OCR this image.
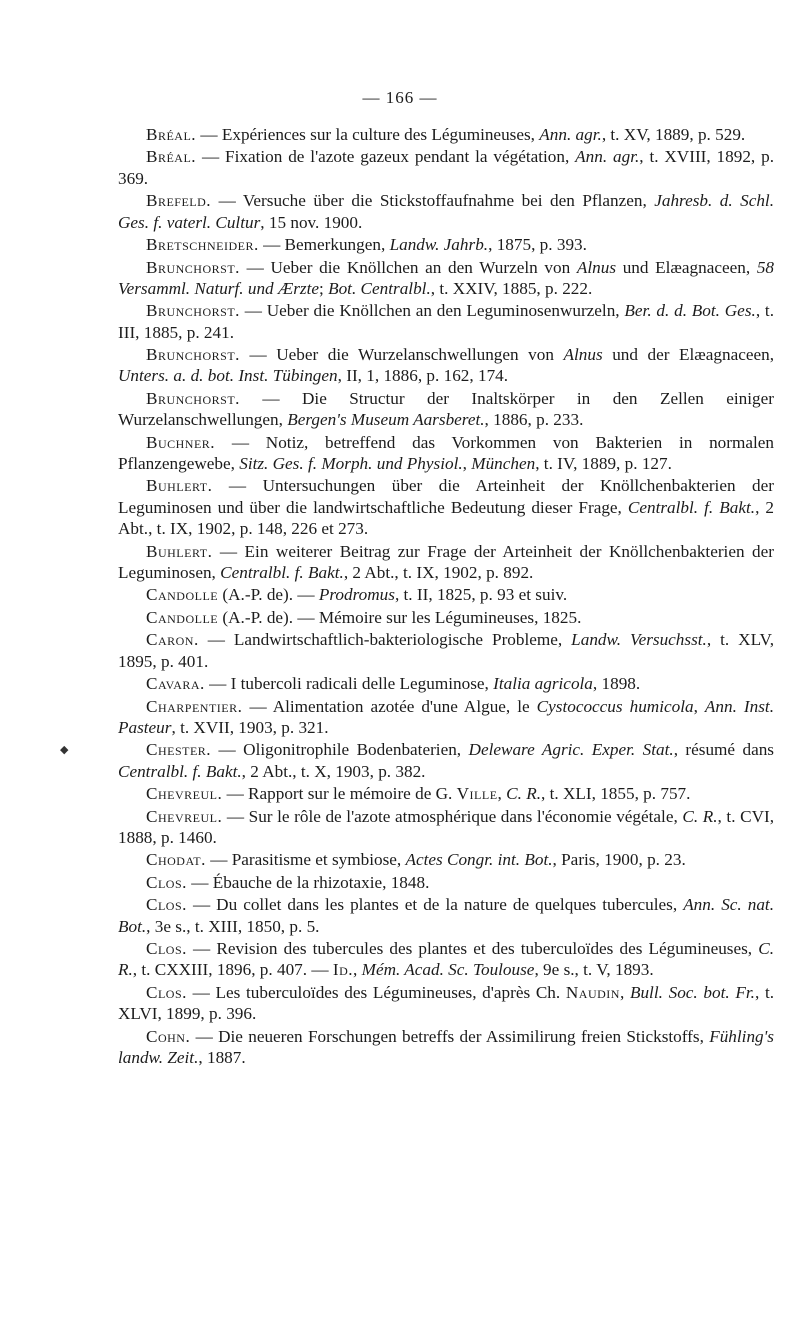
— 166 —
◆

Bréal. — Expériences sur la culture des Légumineuses, Ann. agr., t. XV, 1889, p. 529.

Bréal. — Fixation de l'azote gazeux pendant la végétation, Ann. agr., t. XVIII, 1892, p. 369.

Brefeld. — Versuche über die Stickstoffaufnahme bei den Pflanzen, Jahresb. d. Schl. Ges. f. vaterl. Cultur, 15 nov. 1900.

Bretschneider. — Bemerkungen, Landw. Jahrb., 1875, p. 393.

Brunchorst. — Ueber die Knöllchen an den Wurzeln von Alnus und Elæagnaceen, 58 Versamml. Naturf. und Ærzte; Bot. Centralbl., t. XXIV, 1885, p. 222.

Brunchorst. — Ueber die Knöllchen an den Leguminosenwurzeln, Ber. d. d. Bot. Ges., t. III, 1885, p. 241.

Brunchorst. — Ueber die Wurzelanschwellungen von Alnus und der Elæagnaceen, Unters. a. d. bot. Inst. Tübingen, II, 1, 1886, p. 162, 174.

Brunchorst. — Die Structur der Inaltskörper in den Zellen einiger Wurzelanschwellungen, Bergen's Museum Aarsberet., 1886, p. 233.

Buchner. — Notiz, betreffend das Vorkommen von Bakterien in normalen Pflanzengewebe, Sitz. Ges. f. Morph. und Physiol., München, t. IV, 1889, p. 127.

Buhlert. — Untersuchungen über die Arteinheit der Knöllchenbakterien der Leguminosen und über die landwirtschaftliche Bedeutung dieser Frage, Centralbl. f. Bakt., 2 Abt., t. IX, 1902, p. 148, 226 et 273.

Buhlert. — Ein weiterer Beitrag zur Frage der Arteinheit der Knöllchenbakterien der Leguminosen, Centralbl. f. Bakt., 2 Abt., t. IX, 1902, p. 892.

Candolle (A.-P. de). — Prodromus, t. II, 1825, p. 93 et suiv.

Candolle (A.-P. de). — Mémoire sur les Légumineuses, 1825.

Caron. — Landwirtschaftlich-bakteriologische Probleme, Landw. Versuchsst., t. XLV, 1895, p. 401.

Cavara. — I tubercoli radicali delle Leguminose, Italia agricola, 1898.

Charpentier. — Alimentation azotée d'une Algue, le Cystococcus humicola, Ann. Inst. Pasteur, t. XVII, 1903, p. 321.

Chester. — Oligonitrophile Bodenbaterien, Deleware Agric. Exper. Stat., résumé dans Centralbl. f. Bakt., 2 Abt., t. X, 1903, p. 382.

Chevreul. — Rapport sur le mémoire de G. Ville, C. R., t. XLI, 1855, p. 757.

Chevreul. — Sur le rôle de l'azote atmosphérique dans l'économie végétale, C. R., t. CVI, 1888, p. 1460.

Chodat. — Parasitisme et symbiose, Actes Congr. int. Bot., Paris, 1900, p. 23.

Clos. — Ébauche de la rhizotaxie, 1848.

Clos. — Du collet dans les plantes et de la nature de quelques tubercules, Ann. Sc. nat. Bot., 3e s., t. XIII, 1850, p. 5.

Clos. — Revision des tubercules des plantes et des tuberculoïdes des Légumineuses, C. R., t. CXXIII, 1896, p. 407. — Id., Mém. Acad. Sc. Toulouse, 9e s., t. V, 1893.

Clos. — Les tuberculoïdes des Légumineuses, d'après Ch. Naudin, Bull. Soc. bot. Fr., t. XLVI, 1899, p. 396.

Cohn. — Die neueren Forschungen betreffs der Assimilirung freien Stickstoffs, Fühling's landw. Zeit., 1887.
